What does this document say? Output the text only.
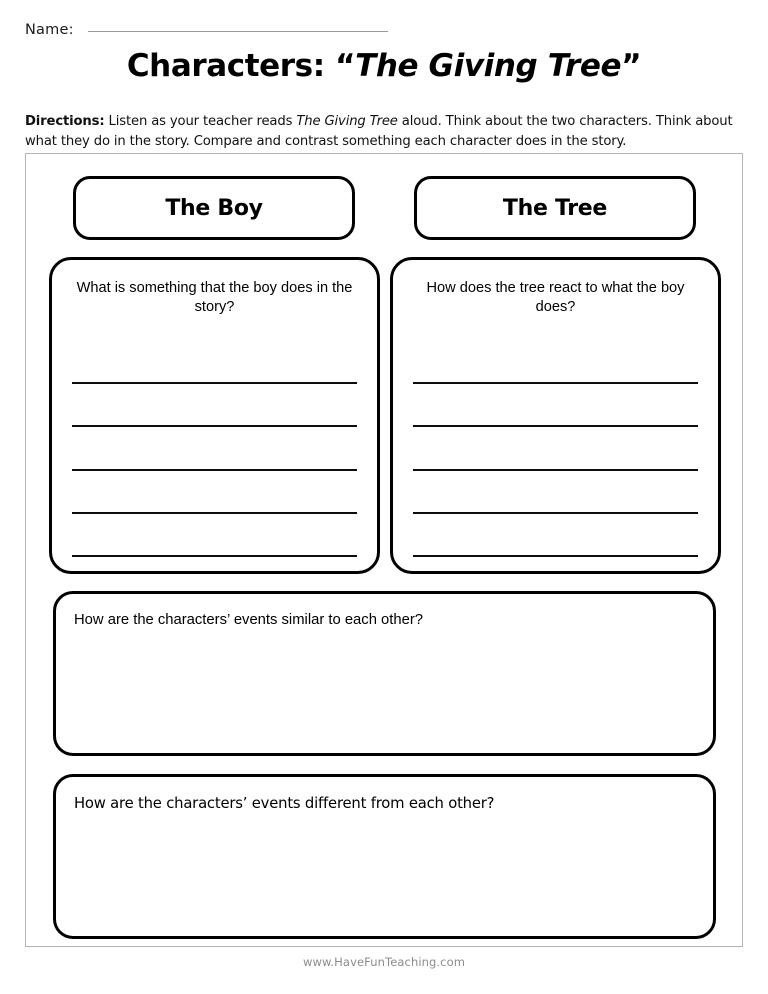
Name:
Characters: “The Giving Tree”

Directions: Listen as your teacher reads The Giving Tree aloud. Think about the two characters. Think about what they do in the story. Compare and contrast something each character does in the story.

The Boy	The Tree
What is something that the boy does in the story?
How does the tree react to what the boy does?
How are the characters’ events similar to each other?
How are the characters’ events different from each other?
www.HaveFunTeaching.com
